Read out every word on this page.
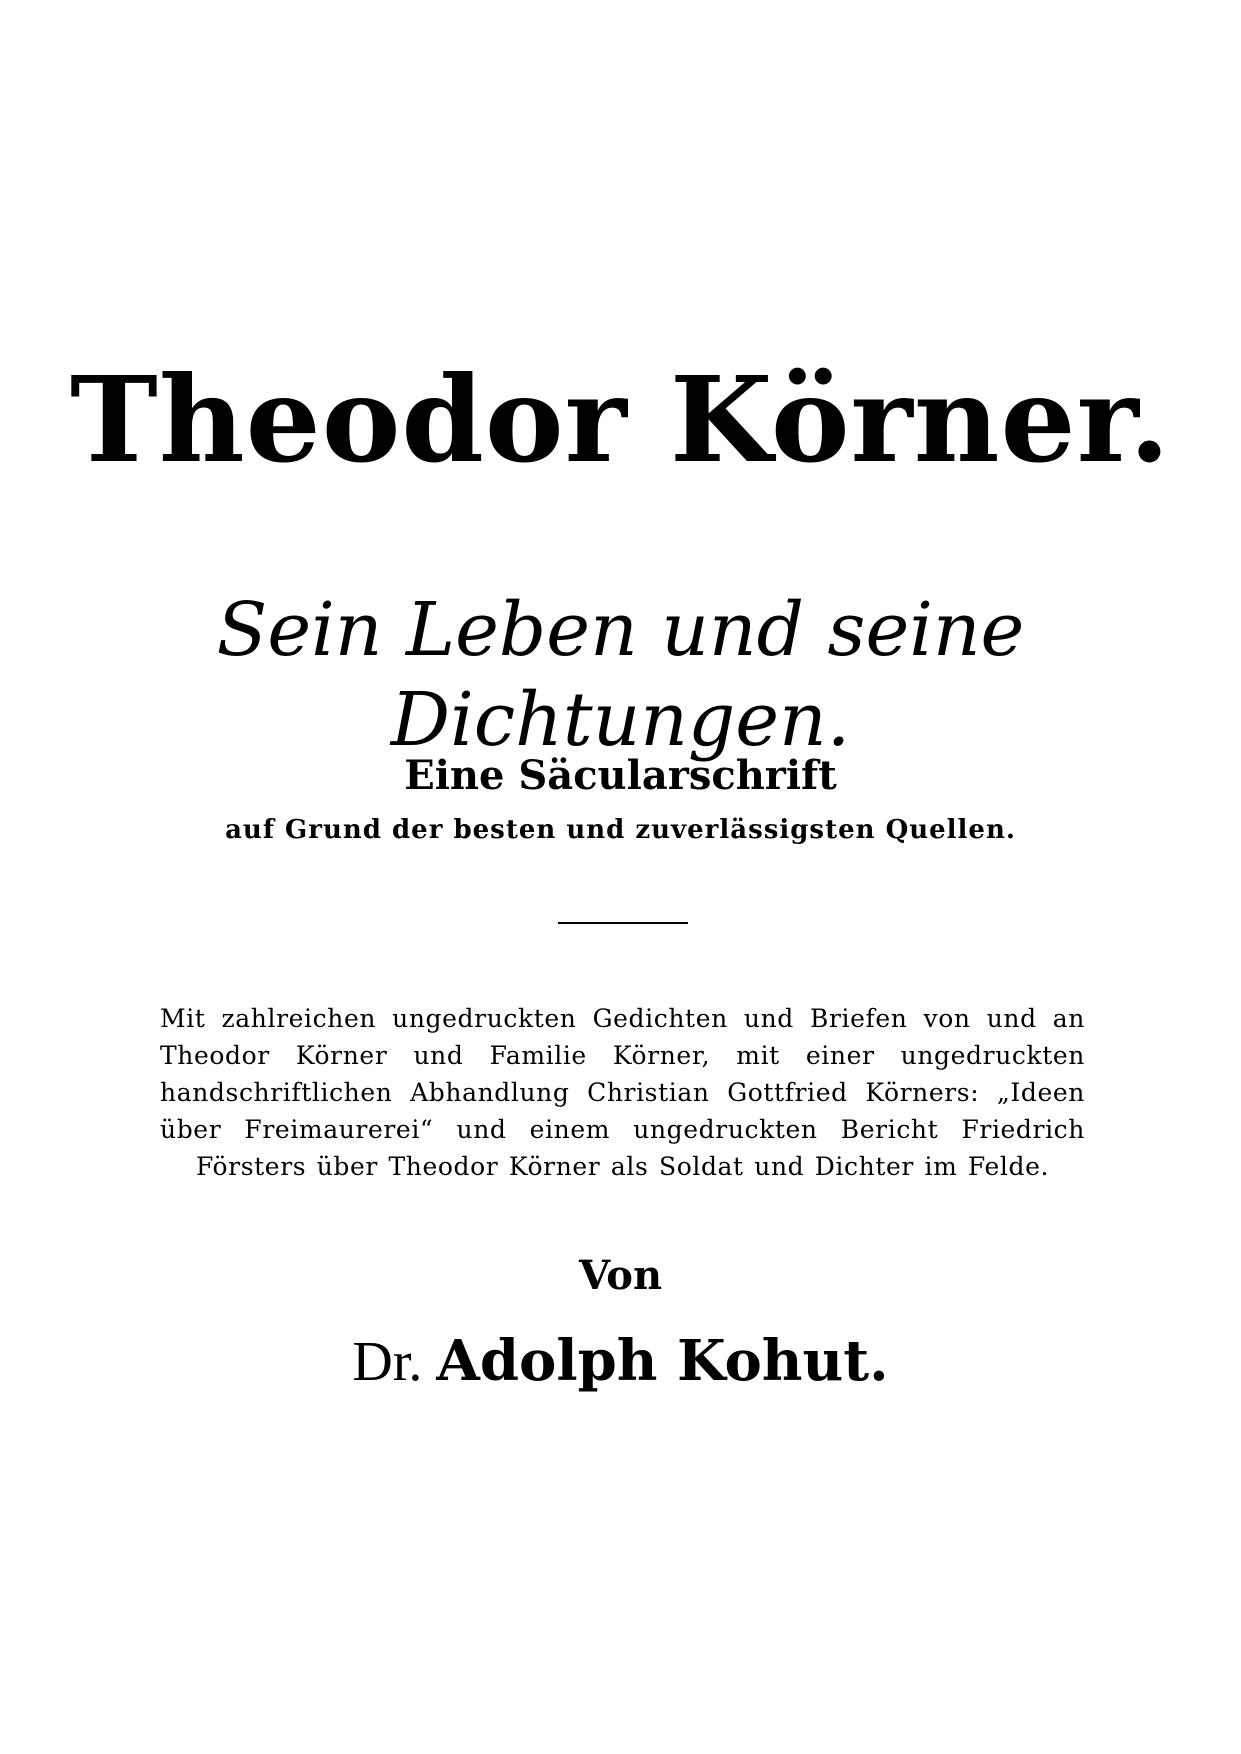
Theodor Körner.
Sein Leben und seine Dichtungen.
Eine Säcularschrift
auf Grund der besten und zuverlässigsten Quellen.
Mit zahlreichen ungedruckten Gedichten und Briefen von und an Theodor Körner und Familie Körner, mit einer ungedruckten handschriftlichen Abhandlung Christian Gottfried Körners: „Ideen über Freimaurerei“ und einem ungedruckten Bericht Friedrich Försters über Theodor Körner als Soldat und Dichter im Felde.
Von
Dr. Adolph Kohut.
